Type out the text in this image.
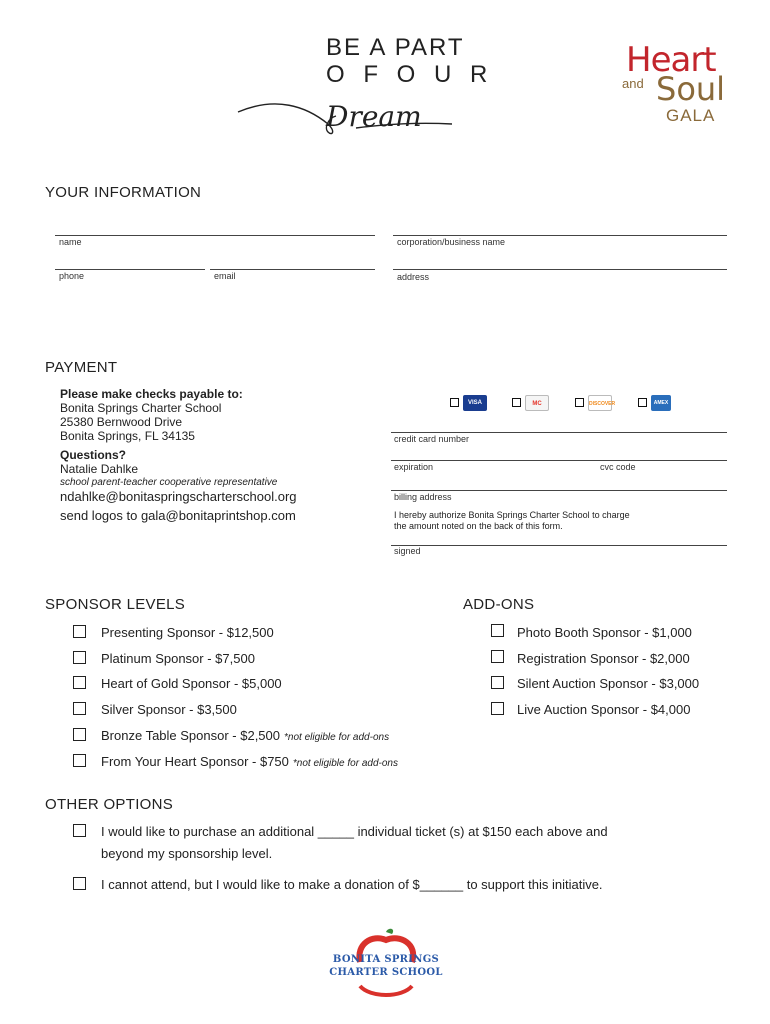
BE A PART
O F O U R
Dream
Heart
and Soul
GALA
YOUR INFORMATION
name	corporation/business name
phone	email	address
PAYMENT
Please make checks payable to:
Bonita Springs Charter School
25380 Bernwood Drive
Bonita Springs, FL 34135
Questions?
Natalie Dahlke
school parent-teacher cooperative representative
ndahlke@bonitaspringscharterschool.org
send logos to gala@bonitaprintshop.com
VISA	MC	DISCOVER	AMEX
credit card number
expiration	cvc code
billing address
I hereby authorize Bonita Springs Charter School to charge the amount noted on the back of this form.
signed
SPONSOR LEVELS
Presenting Sponsor - $12,500
Platinum Sponsor - $7,500
Heart of Gold Sponsor - $5,000
Silver Sponsor - $3,500
Bronze Table Sponsor - $2,500 *not eligible for add-ons
From Your Heart Sponsor - $750 *not eligible for add-ons
ADD-ONS
Photo Booth Sponsor - $1,000
Registration Sponsor - $2,000
Silent Auction Sponsor - $3,000
Live Auction Sponsor - $4,000
OTHER OPTIONS
I would like to purchase an additional _____ individual ticket (s) at $150 each above and
beyond my sponsorship level.
I cannot attend, but I would like to make a donation of $______ to support this initiative.
BONITA SPRINGS
CHARTER SCHOOL
